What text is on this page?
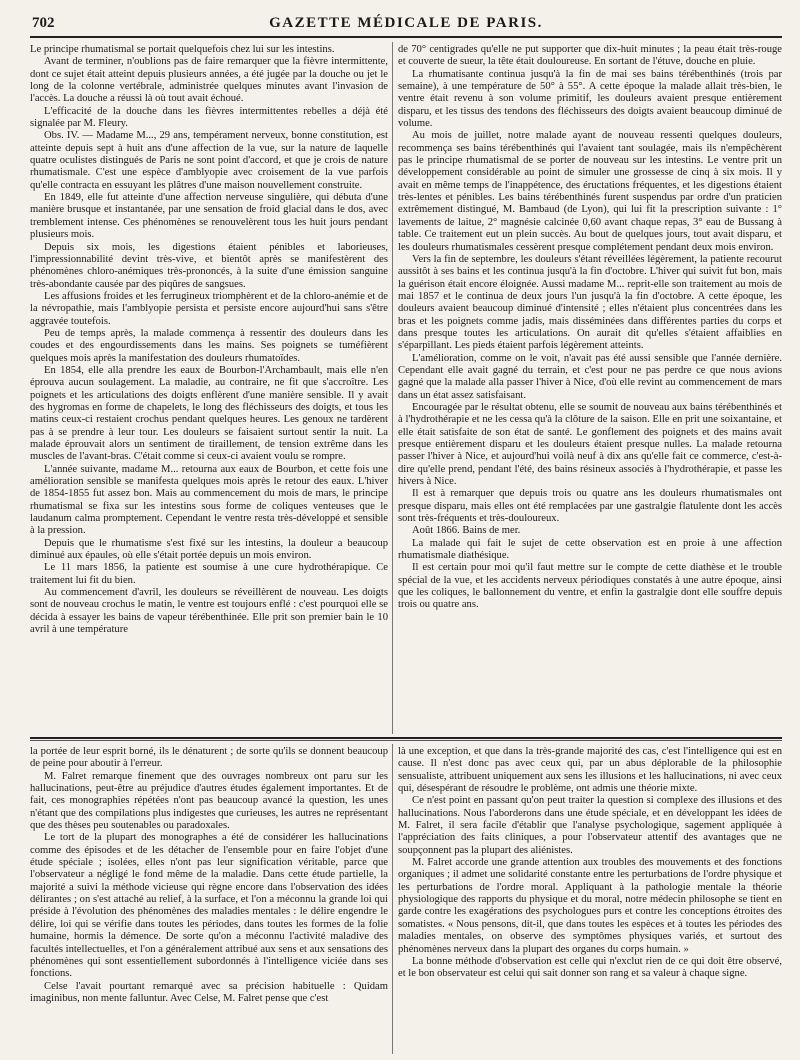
702	GAZETTE MÉDICALE DE PARIS.

Le principe rhumatismal se portait quelquefois chez lui sur les intestins.

Avant de terminer, n'oublions pas de faire remarquer que la fièvre intermittente, dont ce sujet était atteint depuis plusieurs années, a été jugée par la douche ou jet le long de la colonne vertébrale, administrée quelques minutes avant l'invasion de l'accès. La douche a réussi là où tout avait échoué.

L'efficacité de la douche dans les fièvres intermittentes rebelles a déjà été signalée par M. Fleury.

Obs. IV. — Madame M..., 29 ans, tempérament nerveux, bonne constitution, est atteinte depuis sept à huit ans d'une affection de la vue, sur la nature de laquelle quatre oculistes distingués de Paris ne sont point d'accord, et que je crois de nature rhumatismale. C'est une espèce d'amblyopie avec croisement de la vue parfois qu'elle contracta en essuyant les plâtres d'une maison nouvellement construite.

En 1849, elle fut atteinte d'une affection nerveuse singulière, qui débuta d'une manière brusque et instantanée, par une sensation de froid glacial dans le dos, avec tremblement intense. Ces phénomènes se renouvelèrent tous les huit jours pendant plusieurs mois.

Depuis six mois, les digestions étaient pénibles et laborieuses, l'impressionnabilité devint très-vive, et bientôt après se manifestèrent des phénomènes chloro-anémiques très-prononcés, à la suite d'une émission sanguine très-abondante causée par des piqûres de sangsues.

Les affusions froides et les ferrugineux triomphèrent et de la chloro-anémie et de la névropathie, mais l'amblyopie persista et persiste encore aujourd'hui sans s'être aggravée toutefois.

Peu de temps après, la malade commença à ressentir des douleurs dans les coudes et des engourdissements dans les mains. Ses poignets se tuméfièrent quelques mois après la manifestation des douleurs rhumatoïdes.

En 1854, elle alla prendre les eaux de Bourbon-l'Archambault, mais elle n'en éprouva aucun soulagement. La maladie, au contraire, ne fit que s'accroître. Les poignets et les articulations des doigts enflèrent d'une manière sensible. Il y avait des hygromas en forme de chapelets, le long des fléchisseurs des doigts, et tous les matins ceux-ci restaient crochus pendant quelques heures. Les genoux ne tardèrent pas à se prendre à leur tour. Les douleurs se faisaient surtout sentir la nuit. La malade éprouvait alors un sentiment de tiraillement, de tension extrême dans les muscles de l'avant-bras. C'était comme si ceux-ci avaient voulu se rompre.

L'année suivante, madame M... retourna aux eaux de Bourbon, et cette fois une amélioration sensible se manifesta quelques mois après le retour des eaux. L'hiver de 1854-1855 fut assez bon. Mais au commencement du mois de mars, le principe rhumatismal se fixa sur les intestins sous forme de coliques venteuses que le laudanum calma promptement. Cependant le ventre resta très-développé et sensible à la pression.

Depuis que le rhumatisme s'est fixé sur les intestins, la douleur a beaucoup diminué aux épaules, où elle s'était portée depuis un mois environ.

Le 11 mars 1856, la patiente est soumise à une cure hydrothérapique. Ce traitement lui fit du bien.

Au commencement d'avril, les douleurs se réveillèrent de nouveau. Les doigts sont de nouveau crochus le matin, le ventre est toujours enflé : c'est pourquoi elle se décida à essayer les bains de vapeur térébenthinée. Elle prit son premier bain le 10 avril à une température

de 70° centigrades qu'elle ne put supporter que dix-huit minutes ; la peau était très-rouge et couverte de sueur, la tête était douloureuse. En sortant de l'étuve, douche en pluie.

La rhumatisante continua jusqu'à la fin de mai ses bains térébenthinés (trois par semaine), à une température de 50° à 55°. A cette époque la malade allait très-bien, le ventre était revenu à son volume primitif, les douleurs avaient presque entièrement disparu, et les tissus des tendons des fléchisseurs des doigts avaient beaucoup diminué de volume.

Au mois de juillet, notre malade ayant de nouveau ressenti quelques douleurs, recommença ses bains térébenthinés qui l'avaient tant soulagée, mais ils n'empêchèrent pas le principe rhumatismal de se porter de nouveau sur les intestins. Le ventre prit un développement considérable au point de simuler une grossesse de cinq à six mois. Il y avait en même temps de l'inappétence, des éructations fréquentes, et les digestions étaient très-lentes et pénibles. Les bains térébenthinés furent suspendus par ordre d'un praticien extrêmement distingué, M. Bambaud (de Lyon), qui lui fit la prescription suivante : 1° lavements de laitue, 2° magnésie calcinée 0,60 avant chaque repas, 3° eau de Bussang à table. Ce traitement eut un plein succès. Au bout de quelques jours, tout avait disparu, et les douleurs rhumatismales cessèrent presque complétement pendant deux mois environ.

Vers la fin de septembre, les douleurs s'étant réveillées légèrement, la patiente recourut aussitôt à ses bains et les continua jusqu'à la fin d'octobre. L'hiver qui suivit fut bon, mais la guérison était encore éloignée. Aussi madame M... reprit-elle son traitement au mois de mai 1857 et le continua de deux jours l'un jusqu'à la fin d'octobre. A cette époque, les douleurs avaient beaucoup diminué d'intensité ; elles n'étaient plus concentrées dans les bras et les poignets comme jadis, mais disséminées dans différentes parties du corps et dans presque toutes les articulations. On aurait dit qu'elles s'étaient affaiblies en s'éparpillant. Les pieds étaient parfois légèrement atteints.

L'amélioration, comme on le voit, n'avait pas été aussi sensible que l'année dernière. Cependant elle avait gagné du terrain, et c'est pour ne pas perdre ce que nous avions gagné que la malade alla passer l'hiver à Nice, d'où elle revint au commencement de mars dans un état assez satisfaisant.

Encouragée par le résultat obtenu, elle se soumit de nouveau aux bains térébenthinés et à l'hydrothérapie et ne les cessa qu'à la clôture de la saison. Elle en prit une soixantaine, et elle était satisfaite de son état de santé. Le gonflement des poignets et des mains avait presque entièrement disparu et les douleurs étaient presque nulles. La malade retourna passer l'hiver à Nice, et aujourd'hui voilà neuf à dix ans qu'elle fait ce commerce, c'est-à-dire qu'elle prend, pendant l'été, des bains résineux associés à l'hydrothérapie, et passe les hivers à Nice.

Il est à remarquer que depuis trois ou quatre ans les douleurs rhumatismales ont presque disparu, mais elles ont été remplacées par une gastralgie flatulente dont les accès sont très-fréquents et très-douloureux.

Août 1866. Bains de mer.

La malade qui fait le sujet de cette observation est en proie à une affection rhumatismale diathésique.

Il est certain pour moi qu'il faut mettre sur le compte de cette diathèse et le trouble spécial de la vue, et les accidents nerveux périodiques constatés à une autre époque, ainsi que les coliques, le ballonnement du ventre, et enfin la gastralgie dont elle souffre depuis trois ou quatre ans.

la portée de leur esprit borné, ils le dénaturent ; de sorte qu'ils se donnent beaucoup de peine pour aboutir à l'erreur.

M. Falret remarque finement que des ouvrages nombreux ont paru sur les hallucinations, peut-être au préjudice d'autres études également importantes. Et de fait, ces monographies répétées n'ont pas beaucoup avancé la question, les unes n'étant que des compilations plus indigestes que curieuses, les autres ne représentant que des thèses peu soutenables ou paradoxales.

Le tort de la plupart des monographes a été de considérer les hallucinations comme des épisodes et de les détacher de l'ensemble pour en faire l'objet d'une étude spéciale ; isolées, elles n'ont pas leur signification véritable, parce que l'observateur a négligé le fond même de la maladie. Dans cette étude partielle, la majorité a suivi la méthode vicieuse qui règne encore dans l'observation des idées délirantes ; on s'est attaché au relief, à la surface, et l'on a méconnu la grande loi qui préside à l'évolution des phénomènes des maladies mentales : le délire engendre le délire, loi qui se vérifie dans toutes les périodes, dans toutes les formes de la folie humaine, hormis la démence. De sorte qu'on a méconnu l'activité maladive des facultés intellectuelles, et l'on a généralement attribué aux sens et aux sensations des phénomènes qui sont essentiellement subordonnés à l'intelligence viciée dans ses fonctions.

Celse l'avait pourtant remarqué avec sa précision habituelle : Quidam imaginibus, non mente falluntur. Avec Celse, M. Falret pense que c'est

là une exception, et que dans la très-grande majorité des cas, c'est l'intelligence qui est en cause. Il n'est donc pas avec ceux qui, par un abus déplorable de la philosophie sensualiste, attribuent uniquement aux sens les illusions et les hallucinations, ni avec ceux qui, désespérant de résoudre le problème, ont admis une théorie mixte.

Ce n'est point en passant qu'on peut traiter la question si complexe des illusions et des hallucinations. Nous l'aborderons dans une étude spéciale, et en développant les idées de M. Falret, il sera facile d'établir que l'analyse psychologique, sagement appliquée à l'appréciation des faits cliniques, a pour l'observateur attentif des avantages que ne soupçonnent pas la plupart des aliénistes.

M. Falret accorde une grande attention aux troubles des mouvements et des fonctions organiques ; il admet une solidarité constante entre les perturbations de l'ordre physique et les perturbations de l'ordre moral. Appliquant à la pathologie mentale la théorie physiologique des rapports du physique et du moral, notre médecin philosophe se tient en garde contre les exagérations des psychologues purs et contre les conceptions étroites des somatistes. « Nous pensons, dit-il, que dans toutes les espèces et à toutes les périodes des maladies mentales, on observe des symptômes physiques variés, et surtout des phénomènes nerveux dans la plupart des organes du corps humain. »

La bonne méthode d'observation est celle qui n'exclut rien de ce qui doit être observé, et le bon observateur est celui qui sait donner son rang et sa valeur à chaque signe.
